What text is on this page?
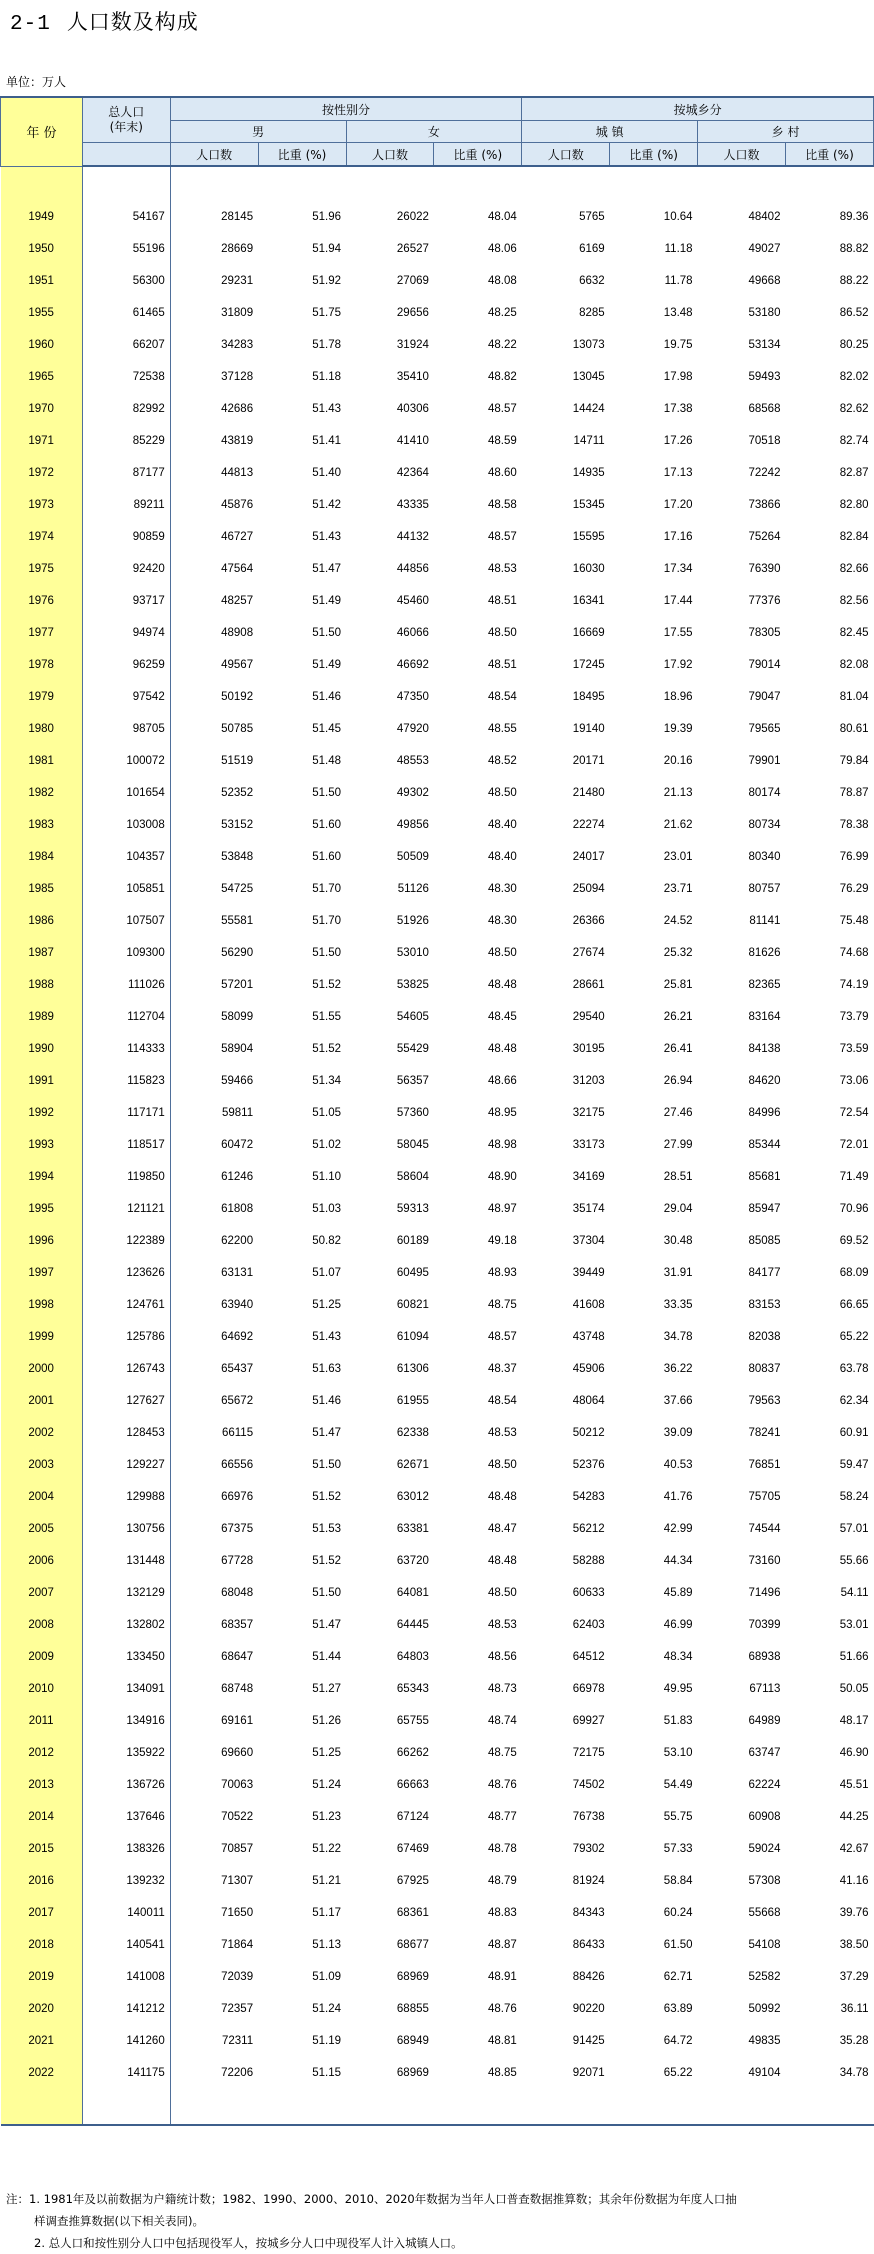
2-1 人口数及构成
单位：万人
年 份	总人口
(年末)	按性别分				按城乡分			
		男		女		城 镇		乡 村	
		人口数	比重 (%)	人口数	比重 (%)	人口数	比重 (%)	人口数	比重 (%)

1949	54167	28145	51.96	26022	48.04	5765	10.64	48402	89.36
1950	55196	28669	51.94	26527	48.06	6169	11.18	49027	88.82
1951	56300	29231	51.92	27069	48.08	6632	11.78	49668	88.22
1955	61465	31809	51.75	29656	48.25	8285	13.48	53180	86.52
1960	66207	34283	51.78	31924	48.22	13073	19.75	53134	80.25
1965	72538	37128	51.18	35410	48.82	13045	17.98	59493	82.02
1970	82992	42686	51.43	40306	48.57	14424	17.38	68568	82.62
1971	85229	43819	51.41	41410	48.59	14711	17.26	70518	82.74
1972	87177	44813	51.40	42364	48.60	14935	17.13	72242	82.87
1973	89211	45876	51.42	43335	48.58	15345	17.20	73866	82.80
1974	90859	46727	51.43	44132	48.57	15595	17.16	75264	82.84
1975	92420	47564	51.47	44856	48.53	16030	17.34	76390	82.66
1976	93717	48257	51.49	45460	48.51	16341	17.44	77376	82.56
1977	94974	48908	51.50	46066	48.50	16669	17.55	78305	82.45
1978	96259	49567	51.49	46692	48.51	17245	17.92	79014	82.08
1979	97542	50192	51.46	47350	48.54	18495	18.96	79047	81.04
1980	98705	50785	51.45	47920	48.55	19140	19.39	79565	80.61
1981	100072	51519	51.48	48553	48.52	20171	20.16	79901	79.84
1982	101654	52352	51.50	49302	48.50	21480	21.13	80174	78.87
1983	103008	53152	51.60	49856	48.40	22274	21.62	80734	78.38
1984	104357	53848	51.60	50509	48.40	24017	23.01	80340	76.99
1985	105851	54725	51.70	51126	48.30	25094	23.71	80757	76.29
1986	107507	55581	51.70	51926	48.30	26366	24.52	81141	75.48
1987	109300	56290	51.50	53010	48.50	27674	25.32	81626	74.68
1988	111026	57201	51.52	53825	48.48	28661	25.81	82365	74.19
1989	112704	58099	51.55	54605	48.45	29540	26.21	83164	73.79
1990	114333	58904	51.52	55429	48.48	30195	26.41	84138	73.59
1991	115823	59466	51.34	56357	48.66	31203	26.94	84620	73.06
1992	117171	59811	51.05	57360	48.95	32175	27.46	84996	72.54
1993	118517	60472	51.02	58045	48.98	33173	27.99	85344	72.01
1994	119850	61246	51.10	58604	48.90	34169	28.51	85681	71.49
1995	121121	61808	51.03	59313	48.97	35174	29.04	85947	70.96
1996	122389	62200	50.82	60189	49.18	37304	30.48	85085	69.52
1997	123626	63131	51.07	60495	48.93	39449	31.91	84177	68.09
1998	124761	63940	51.25	60821	48.75	41608	33.35	83153	66.65
1999	125786	64692	51.43	61094	48.57	43748	34.78	82038	65.22
2000	126743	65437	51.63	61306	48.37	45906	36.22	80837	63.78
2001	127627	65672	51.46	61955	48.54	48064	37.66	79563	62.34
2002	128453	66115	51.47	62338	48.53	50212	39.09	78241	60.91
2003	129227	66556	51.50	62671	48.50	52376	40.53	76851	59.47
2004	129988	66976	51.52	63012	48.48	54283	41.76	75705	58.24
2005	130756	67375	51.53	63381	48.47	56212	42.99	74544	57.01
2006	131448	67728	51.52	63720	48.48	58288	44.34	73160	55.66
2007	132129	68048	51.50	64081	48.50	60633	45.89	71496	54.11
2008	132802	68357	51.47	64445	48.53	62403	46.99	70399	53.01
2009	133450	68647	51.44	64803	48.56	64512	48.34	68938	51.66
2010	134091	68748	51.27	65343	48.73	66978	49.95	67113	50.05
2011	134916	69161	51.26	65755	48.74	69927	51.83	64989	48.17
2012	135922	69660	51.25	66262	48.75	72175	53.10	63747	46.90
2013	136726	70063	51.24	66663	48.76	74502	54.49	62224	45.51
2014	137646	70522	51.23	67124	48.77	76738	55.75	60908	44.25
2015	138326	70857	51.22	67469	48.78	79302	57.33	59024	42.67
2016	139232	71307	51.21	67925	48.79	81924	58.84	57308	41.16
2017	140011	71650	51.17	68361	48.83	84343	60.24	55668	39.76
2018	140541	71864	51.13	68677	48.87	86433	61.50	54108	38.50
2019	141008	72039	51.09	68969	48.91	88426	62.71	52582	37.29
2020	141212	72357	51.24	68855	48.76	90220	63.89	50992	36.11
2021	141260	72311	51.19	68949	48.81	91425	64.72	49835	35.28
2022	141175	72206	51.15	68969	48.85	92071	65.22	49104	34.78

注：1. 1981年及以前数据为户籍统计数；1982、1990、2000、2010、2020年数据为当年人口普查数据推算数；其余年份数据为年度人口抽
样调查推算数据(以下相关表同)。
2. 总人口和按性别分人口中包括现役军人，按城乡分人口中现役军人计入城镇人口。
